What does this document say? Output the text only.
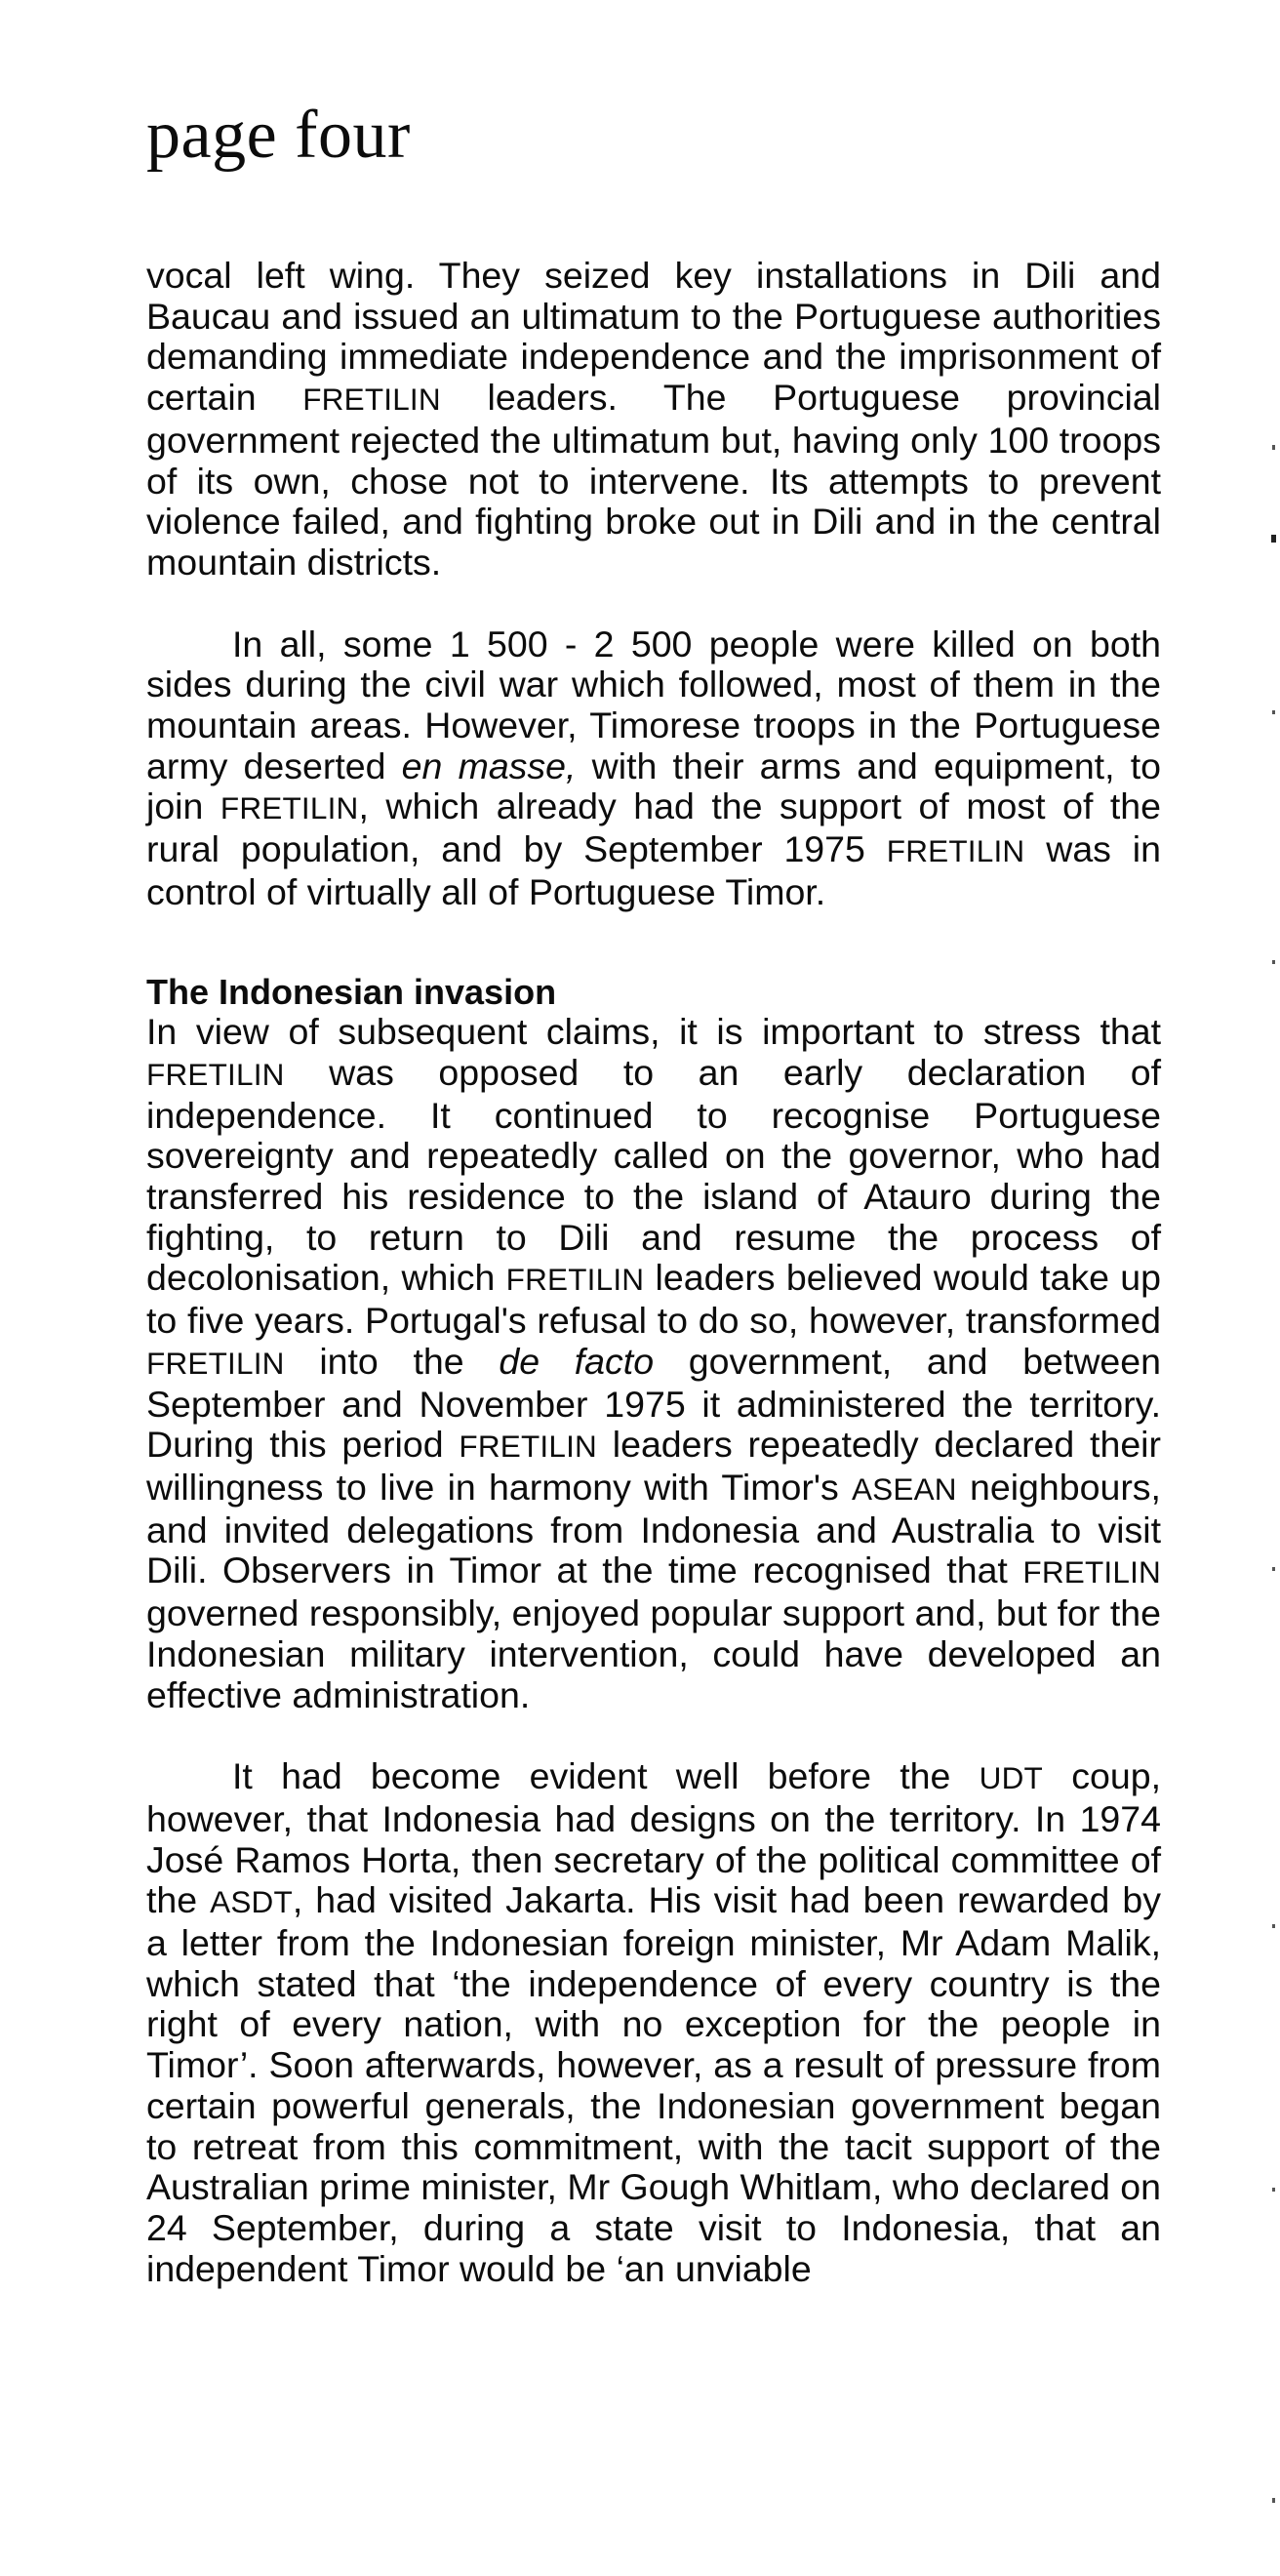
page four

vocal left wing. They seized key installations in Dili and Baucau and issued an ultimatum to the Portuguese authorities demanding immediate independence and the imprisonment of certain FRETILIN leaders. The Portuguese provincial government rejected the ultimatum but, having only 100 troops of its own, chose not to intervene. Its attempts to prevent violence failed, and fighting broke out in Dili and in the central mountain districts.

In all, some 1 500 - 2 500 people were killed on both sides during the civil war which followed, most of them in the mountain areas. However, Timorese troops in the Portuguese army deserted en masse, with their arms and equipment, to join FRETILIN, which already had the support of most of the rural population, and by September 1975 FRETILIN was in control of virtually all of Portuguese Timor.

The Indonesian invasion

In view of subsequent claims, it is important to stress that FRETILIN was opposed to an early declaration of independence. It continued to recognise Portuguese sovereignty and repeatedly called on the governor, who had transferred his residence to the island of Atauro during the fighting, to return to Dili and resume the process of decolonisation, which FRETILIN leaders believed would take up to five years. Portugal's refusal to do so, however, transformed FRETILIN into the de facto government, and between September and November 1975 it administered the territory. During this period FRETILIN leaders repeatedly declared their willingness to live in harmony with Timor's ASEAN neighbours, and invited delegations from Indonesia and Australia to visit Dili. Observers in Timor at the time recognised that FRETILIN governed responsibly, enjoyed popular support and, but for the Indonesian military intervention, could have developed an effective administration.

It had become evident well before the UDT coup, however, that Indonesia had designs on the territory. In 1974 José Ramos Horta, then secretary of the political committee of the ASDT, had visited Jakarta. His visit had been rewarded by a letter from the Indonesian foreign minister, Mr Adam Malik, which stated that ‘the independence of every country is the right of every nation, with no exception for the people in Timor’. Soon afterwards, however, as a result of pressure from certain powerful generals, the Indonesian government began to retreat from this commitment, with the tacit support of the Australian prime minister, Mr Gough Whitlam, who declared on 24 September, during a state visit to Indonesia, that an independent Timor would be ‘an unviable
